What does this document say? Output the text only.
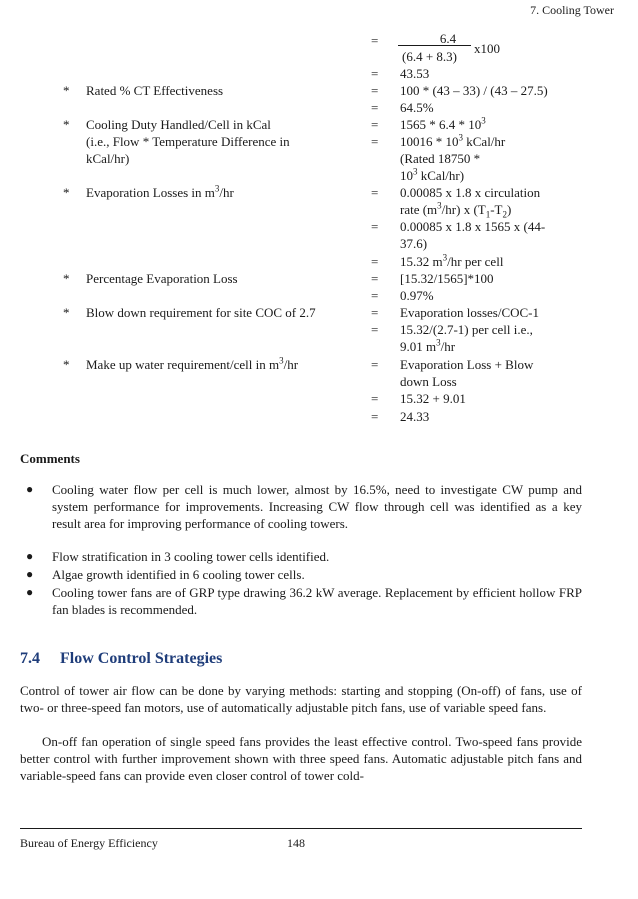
7. Cooling Tower
=	6.4
(6.4 + 8.3)
x100
= 43.53
* Rated % CT Effectiveness	= 100 * (43 – 33) / (43 – 27.5)
= 64.5%
* Cooling Duty Handled/Cell in kCal	= $1565 * 6.4 * 10^3$
(i.e., Flow * Temperature Difference in	= $10016 * 10^3$ kCal/hr
kCal/hr)	(Rated 18750 *
$10^3$ kCal/hr)
* Evaporation Losses in $m^3/hr$	= 0.00085 x 1.8 x circulation
rate $(m^3/hr)$ x $(T_1-T_2)$
= 0.00085 x 1.8 x 1565 x (44-
37.6)
= 15.32 $m^3/hr$ per cell
* Percentage Evaporation Loss	= [15.32/1565]*100
= 0.97%
* Blow down requirement for site COC of 2.7	= Evaporation losses/COC-1
= 15.32/(2.7-1) per cell i.e.,
9.01 $m^3/hr$
* Make up water requirement/cell in $m^3/hr$	= Evaporation Loss + Blow
down Loss
= 15.32 + 9.01
= 24.33
Comments
● Cooling water flow per cell is much lower, almost by 16.5%, need to investigate CW pump and system performance for improvements. Increasing CW flow through cell was identified as a key result area for improving performance of cooling towers.
● Flow stratification in 3 cooling tower cells identified.
● Algae growth identified in 6 cooling tower cells.
● Cooling tower fans are of GRP type drawing 36.2 kW average. Replacement by efficient hollow FRP fan blades is recommended.
7.4 Flow Control Strategies
Control of tower air flow can be done by varying methods: starting and stopping (On-off) of fans, use of two- or three-speed fan motors, use of automatically adjustable pitch fans, use of variable speed fans.
On-off fan operation of single speed fans provides the least effective control. Two-speed fans provide better control with further improvement shown with three speed fans. Automatic adjustable pitch fans and variable-speed fans can provide even closer control of tower cold-
Bureau of Energy Efficiency	148
